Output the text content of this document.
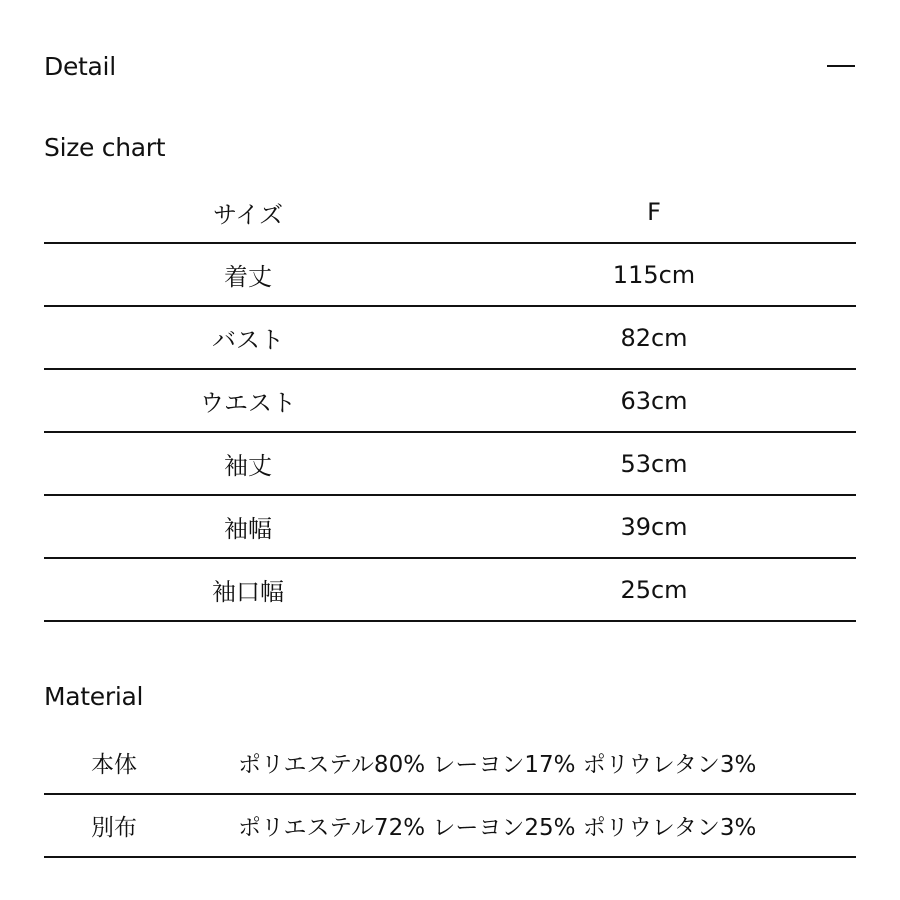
Detail
Size chart
サイズ	F
着丈	115cm
バスト	82cm
ウエスト	63cm
袖丈	53cm
袖幅	39cm
袖口幅	25cm
Material
本体	ポリエステル80% レーヨン17% ポリウレタン3%
別布	ポリエステル72% レーヨン25% ポリウレタン3%
